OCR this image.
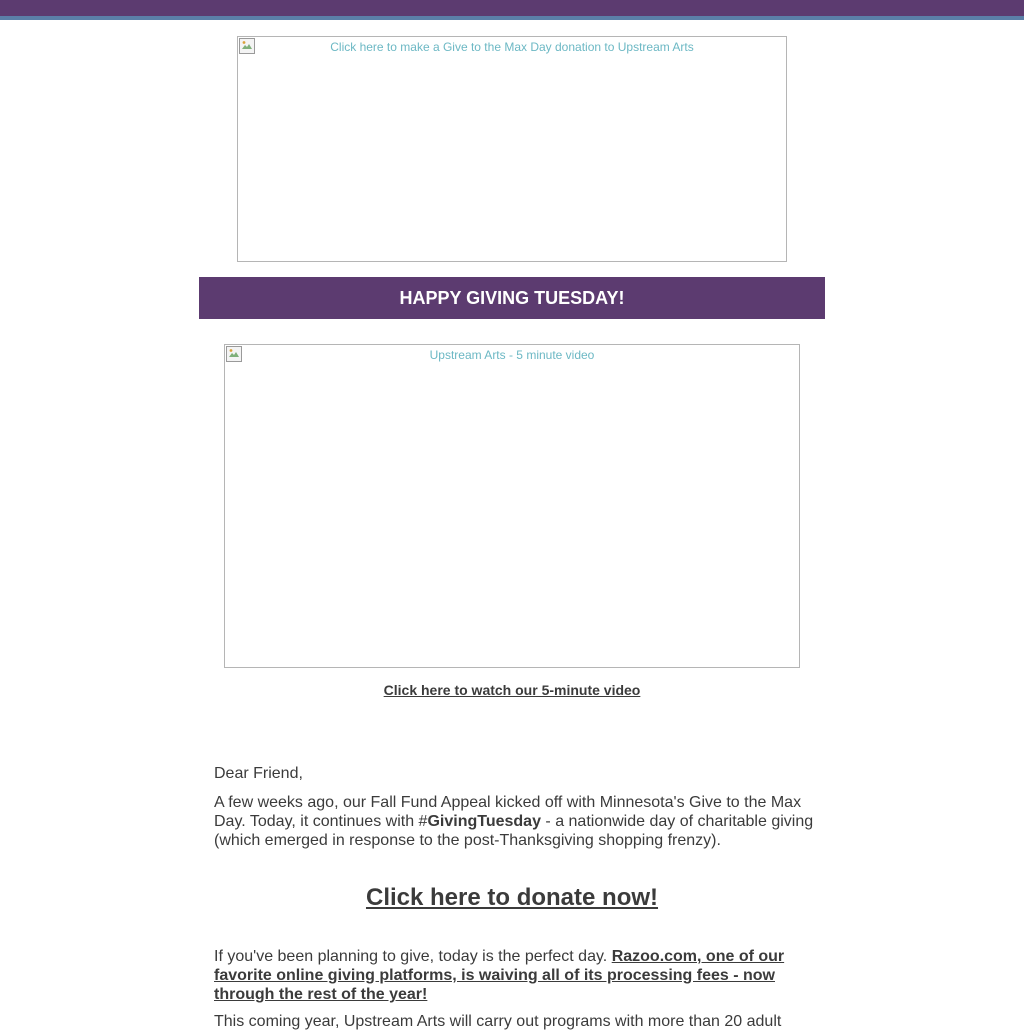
Click here to make a Give to the Max Day donation to Upstream Arts
HAPPY GIVING TUESDAY!
Upstream Arts - 5 minute video
Click here to watch our 5-minute video

Dear Friend,

A few weeks ago, our Fall Fund Appeal kicked off with Minnesota's Give to the Max Day. Today, it continues with #GivingTuesday - a nationwide day of charitable giving (which emerged in response to the post-Thanksgiving shopping frenzy).

Click here to donate now!

If you've been planning to give, today is the perfect day. Razoo.com, one of our favorite online giving platforms, is waiving all of its processing fees - now through the rest of the year!

This coming year, Upstream Arts will carry out programs with more than 20 adult
